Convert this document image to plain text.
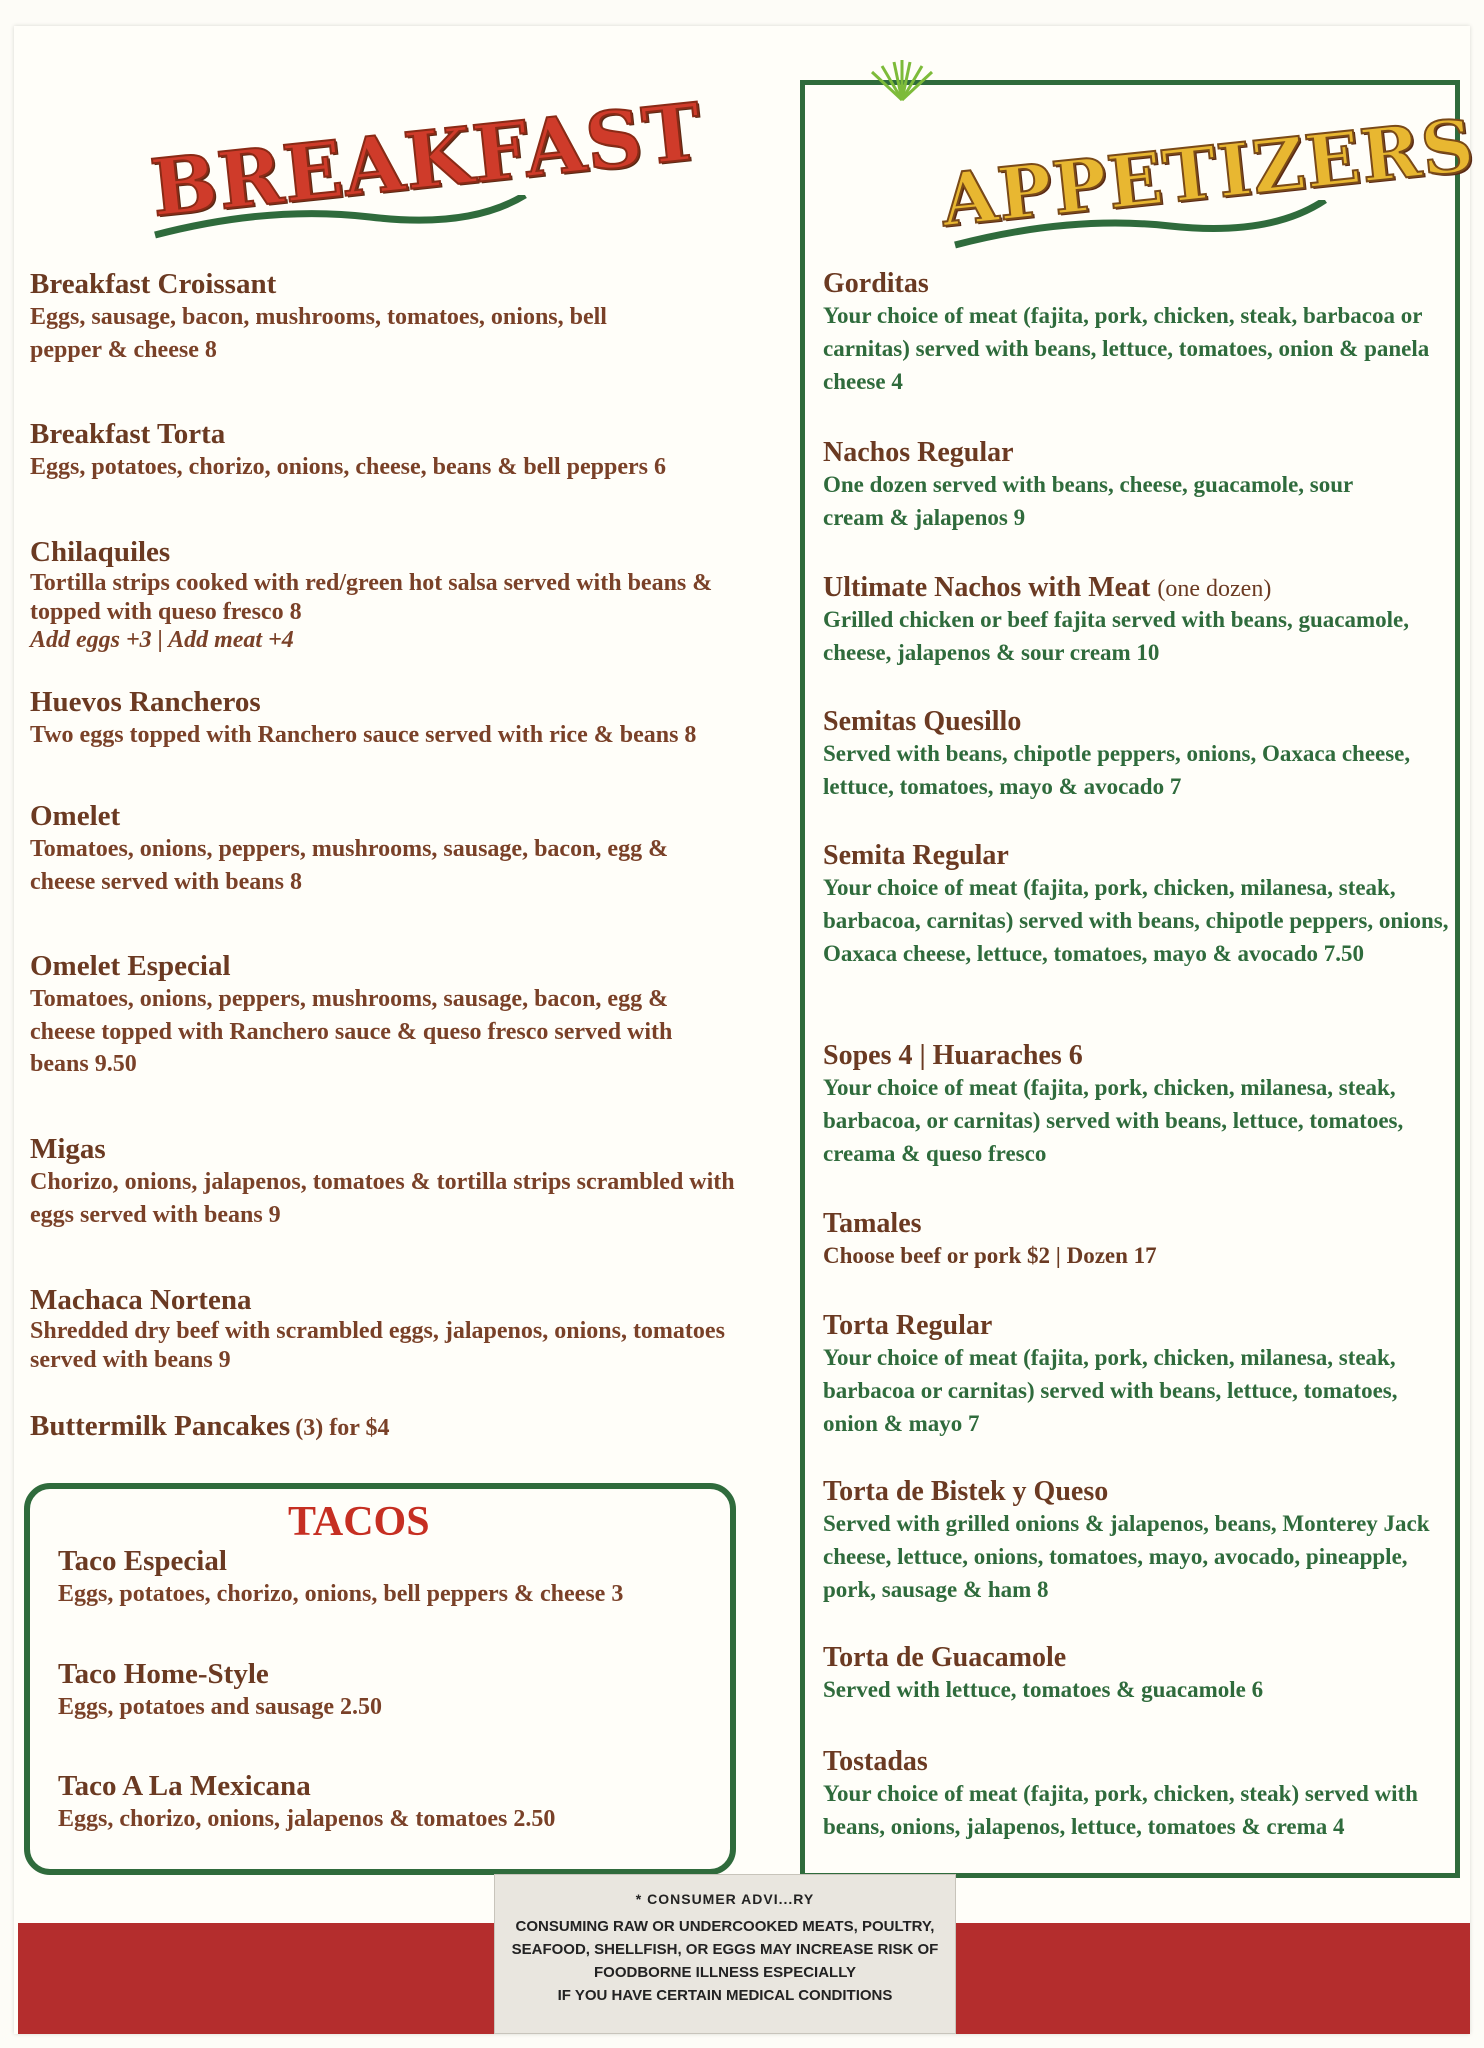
BREAKFAST
Breakfast Croissant
Eggs, sausage, bacon, mushrooms, tomatoes, onions, bell pepper & cheese 8
Breakfast Torta
Eggs, potatoes, chorizo, onions, cheese, beans & bell peppers 6
Chilaquiles
Tortilla strips cooked with red/green hot salsa served with beans & topped with queso fresco 8
Add eggs +3 | Add meat +4
Huevos Rancheros
Two eggs topped with Ranchero sauce served with rice & beans 8
Omelet
Tomatoes, onions, peppers, mushrooms, sausage, bacon, egg & cheese served with beans 8
Omelet Especial
Tomatoes, onions, peppers, mushrooms, sausage, bacon, egg & cheese topped with Ranchero sauce & queso fresco served with beans 9.50
Migas
Chorizo, onions, jalapenos, tomatoes & tortilla strips scrambled with eggs served with beans 9
Machaca Nortena
Shredded dry beef with scrambled eggs, jalapenos, onions, tomatoes served with beans 9
Buttermilk Pancakes (3) for $4
TACOS
Taco Especial
Eggs, potatoes, chorizo, onions, bell peppers & cheese 3
Taco Home-Style
Eggs, potatoes and sausage 2.50
Taco A La Mexicana
Eggs, chorizo, onions, jalapenos & tomatoes 2.50
APPETIZERS
Gorditas
Your choice of meat (fajita, pork, chicken, steak, barbacoa or carnitas) served with beans, lettuce, tomatoes, onion & panela cheese 4
Nachos Regular
One dozen served with beans, cheese, guacamole, sour cream & jalapenos 9
Ultimate Nachos with Meat (one dozen)
Grilled chicken or beef fajita served with beans, guacamole, cheese, jalapenos & sour cream 10
Semitas Quesillo
Served with beans, chipotle peppers, onions, Oaxaca cheese, lettuce, tomatoes, mayo & avocado 7
Semita Regular
Your choice of meat (fajita, pork, chicken, milanesa, steak, barbacoa, carnitas) served with beans, chipotle peppers, onions, Oaxaca cheese, lettuce, tomatoes, mayo & avocado 7.50
Sopes 4 | Huaraches 6
Your choice of meat (fajita, pork, chicken, milanesa, steak, barbacoa, or carnitas) served with beans, lettuce, tomatoes, creama & queso fresco
Tamales
Choose beef or pork $2 | Dozen 17
Torta Regular
Your choice of meat (fajita, pork, chicken, milanesa, steak, barbacoa or carnitas) served with beans, lettuce, tomatoes, onion & mayo 7
Torta de Bistek y Queso
Served with grilled onions & jalapenos, beans, Monterey Jack cheese, lettuce, onions, tomatoes, mayo, avocado, pineapple, pork, sausage & ham 8
Torta de Guacamole
Served with lettuce, tomatoes & guacamole 6
Tostadas
Your choice of meat (fajita, pork, chicken, steak) served with beans, onions, jalapenos, lettuce, tomatoes & crema 4
* CONSUMER ADVI...RY
CONSUMING RAW OR UNDERCOOKED MEATS, POULTRY,
SEAFOOD, SHELLFISH, OR EGGS MAY INCREASE RISK OF
FOODBORNE ILLNESS ESPECIALLY
IF YOU HAVE CERTAIN MEDICAL CONDITIONS
